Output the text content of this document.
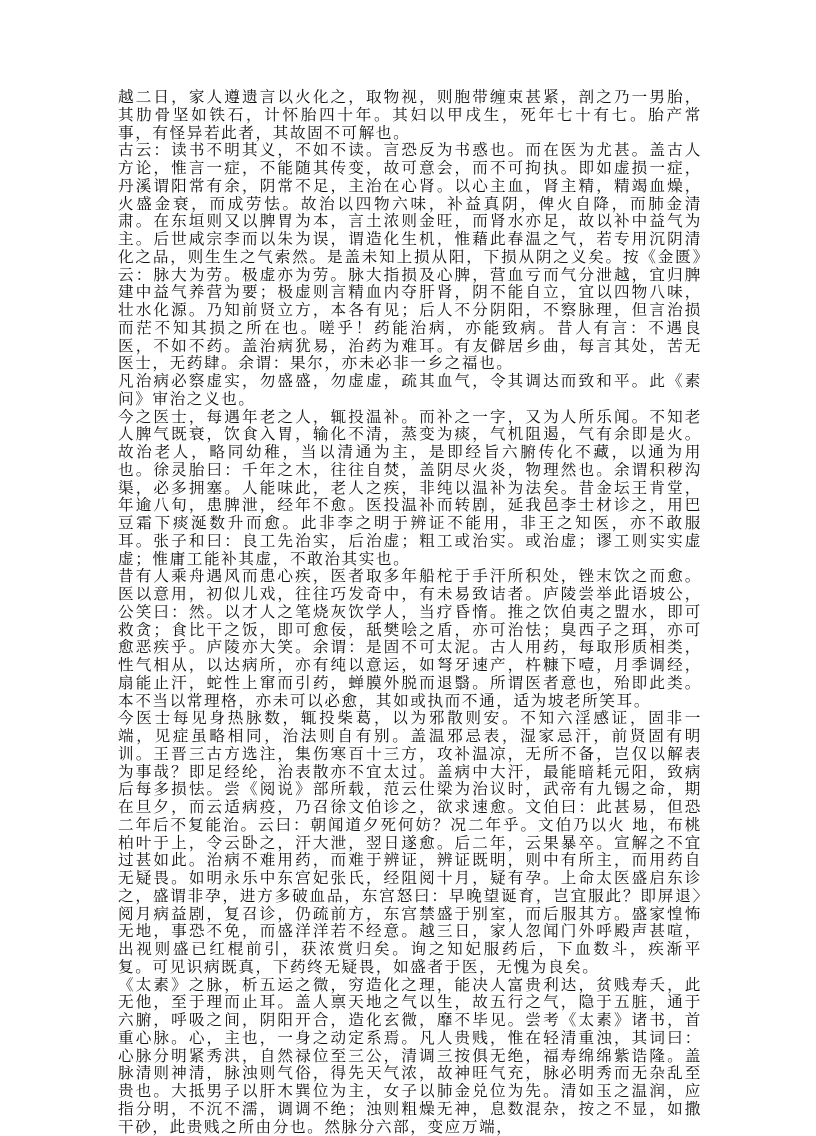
越二日，家人遵遗言以火化之，取物视，则胞带缠束甚紧，剖之乃一男胎，其肋骨坚如铁石，计怀胎四十年。其妇以甲戌生，死年七十有七。胎产常事，有怪异若此者，其故固不可解也。

古云：读书不明其义，不如不读。言恐反为书惑也。而在医为尤甚。盖古人方论，惟言一症，不能随其传变，故可意会，而不可拘执。即如虚损一症，丹溪谓阳常有余，阴常不足，主治在心肾。以心主血，肾主精，精竭血燥，火盛金衰，而成劳怯。故治以四物六味，补益真阴，俾火自降，而肺金清肃。在东垣则又以脾胃为本，言土浓则金旺，而肾水亦足，故以补中益气为主。后世咸宗李而以朱为误，谓造化生机，惟藉此春温之气，若专用沉阴清化之品，则生生之气索然。是盖未知上损从阳，下损从阴之义矣。按《金匮》云：脉大为劳。极虚亦为劳。脉大指损及心脾，营血亏而气分泄越，宜归脾建中益气养营为要；极虚则言精血内夺肝肾，阴不能自立，宜以四物八味，壮水化源。乃知前贤立方，本各有见；后人不分阴阳，不察脉理，但言治损而茫不知其损之所在也。嗟乎！药能治病，亦能致病。昔人有言：不遇良医，不如不药。盖治病犹易，治药为难耳。有友僻居乡曲，每言其处，苦无医士，无药肆。余谓：果尔，亦未必非一乡之福也。

凡治病必察虚实，勿盛盛，勿虚虚，疏其血气，令其调达而致和平。此《素问》审治之义也。

今之医士，每遇年老之人，辄投温补。而补之一字，又为人所乐闻。不知老人脾气既衰，饮食入胃，输化不清，蒸变为痰，气机阻遏，气有余即是火。故治老人，略同幼稚，当以清通为主，是即经旨六腑传化不藏，以通为用也。徐灵胎曰：千年之木，往往自焚，盖阴尽火炎，物理然也。余谓积秽沟渠，必多拥塞。人能味此，老人之疾，非纯以温补为法矣。昔金坛王肯堂，年逾八旬，患脾泄，经年不愈。医投温补而转剧，延我邑李士材诊之，用巴豆霜下痰涎数升而愈。此非李之明于辨证不能用，非王之知医，亦不敢服耳。张子和曰：良工先治实，后治虚；粗工或治实。或治虚；谬工则实实虚虚；惟庸工能补其虚，不敢治其实也。

昔有人乘舟遇风而患心疾，医者取多年船柁于手汗所积处，锉末饮之而愈。医以意用，初似儿戏，往往巧发奇中，有未易致诘者。庐陵尝举此语坡公，公笑曰：然。以才人之笔烧灰饮学人，当疗昏惰。推之饮伯夷之盟水，即可救贪；食比干之饭，即可愈佞，舐樊哙之盾，亦可治怯；臭西子之珥，亦可愈恶疾乎。庐陵亦大笑。余谓：是固不可太泥。古人用药，每取形质相类，性气相从，以达病所，亦有纯以意运，如弩牙速产，杵糠下噎，月季调经，扇能止汗，蛇性上窜而引药，蝉膜外脱而退翳。所谓医者意也，殆即此类。本不当以常理格，亦未可以必愈，其如或执而不通，适为坡老所笑耳。

今医士每见身热脉数，辄投柴葛，以为邪散则安。不知六淫感证，固非一端，见症虽略相同，治法则自有别。盖温邪忌表，湿家忌汗，前贤固有明训。王晋三古方选注，集伤寒百十三方，攻补温凉，无所不备，岂仅以解表为事哉？即足经纶，治表散亦不宜太过。盖病中大汗，最能暗耗元阳，致病后每多损怯。尝《阅说》部所载，范云仕梁为治议时，武帝有九锡之命，期在旦夕，而云适病疫，乃召徐文伯诊之，欲求速愈。文伯曰：此甚易，但恐二年后不复能治。云曰：朝闻道夕死何妨？况二年乎。文伯乃以火 地，布桃柏叶于上，令云卧之，汗大泄，翌日遂愈。后二年，云果暴卒。宣解之不宜过甚如此。治病不难用药，而难于辨证，辨证既明，则中有所主，而用药自无疑畏。如明永乐中东宫妃张氏，经阻阅十月，疑有孕。上命太医盛启东诊之，盛谓非孕，进方多破血品，东宫怒曰：早晚望诞育，岂宜服此？即屏退〉阅月病益剧，复召诊，仍疏前方，东宫禁盛于别室，而后服其方。盛家惶怖无地，事恐不免，而盛洋洋若不经意。越三日，家人忽闻门外呼殿声甚喧，出视则盛已红棍前引，获浓赏归矣。询之知妃服药后，下血数斗，疾渐平复。可见识病既真，下药终无疑畏，如盛者于医，无愧为良矣。

《太素》之脉，析五运之微，穷造化之理，能决人富贵利达，贫贱寿夭，此无他，至于理而止耳。盖人禀天地之气以生，故五行之气，隐于五脏，通于六腑，呼吸之间，阴阳开合，造化玄微，靡不毕见。尝考《太素》诸书，首重心脉。心，主也，一身之动定系焉。凡人贵贱，惟在轻清重浊，其词曰：心脉分明紧秀洪，自然禄位至三公，清调三按俱无绝，福寿绵绵紫诰隆。盖脉清则神清，脉浊则气俗，得先天气浓，故神旺气充，脉必明秀而无杂乱至贵也。大抵男子以肝木巽位为主，女子以肺金兑位为先。清如玉之温润，应指分明，不沉不濡，调调不绝；浊则粗燥无神，息数混杂，按之不显，如撒干砂，此贵贱之所由分也。然脉分六部，变应万端，
